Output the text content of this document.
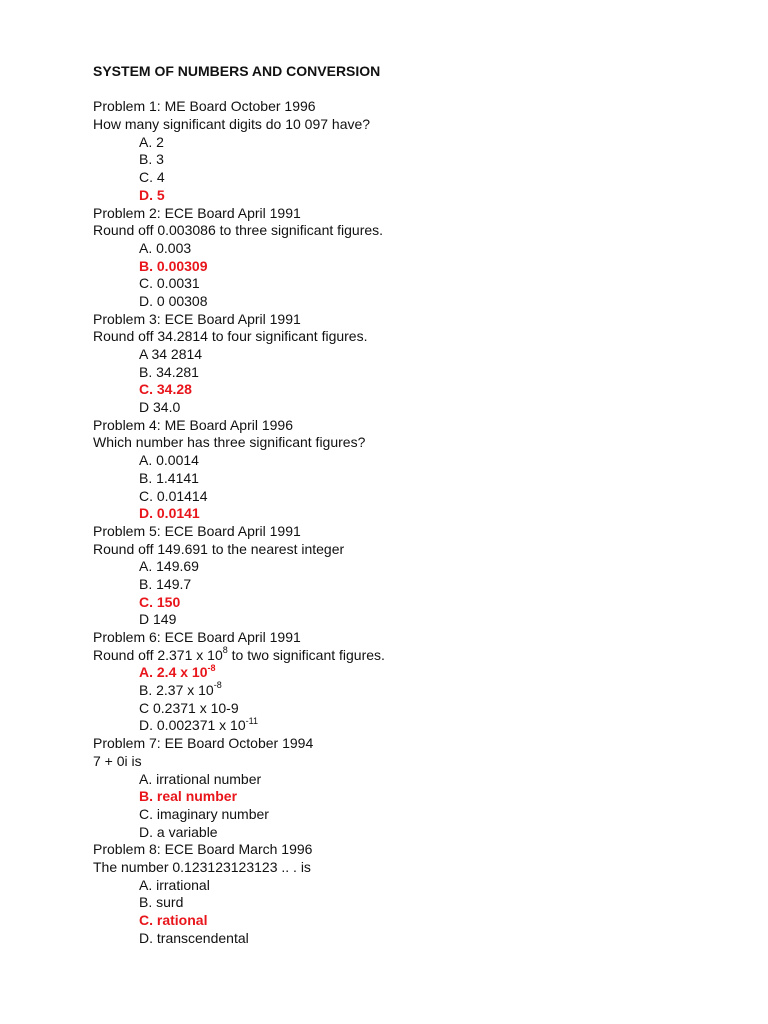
SYSTEM OF NUMBERS AND CONVERSION
Problem 1: ME Board October 1996
How many significant digits do 10 097 have?
A. 2
B. 3
C. 4
D. 5
Problem 2: ECE Board April 1991
Round off 0.003086 to three significant figures.
A. 0.003
B. 0.00309
C. 0.0031
D. 0 00308
Problem 3: ECE Board April 1991
Round off 34.2814 to four significant figures.
A 34 2814
B. 34.281
C. 34.28
D 34.0
Problem 4: ME Board April 1996
Which number has three significant figures?
A. 0.0014
B. 1.4141
C. 0.01414
D. 0.0141
Problem 5: ECE Board April 1991
Round off 149.691 to the nearest integer
A. 149.69
B. 149.7
C. 150
D 149
Problem 6: ECE Board April 1991
Round off 2.371 x $10^8$ to two significant figures.
A. 2.4 x $10^{-8}$
B. 2.37 x $10^{-8}$
C 0.2371 x 10-9
D. 0.002371 x $10^{-11}$
Problem 7: EE Board October 1994
7 + 0i is
A. irrational number
B. real number
C. imaginary number
D. a variable
Problem 8: ECE Board March 1996
The number 0.123123123123 .. . is
A. irrational
B. surd
C. rational
D. transcendental
